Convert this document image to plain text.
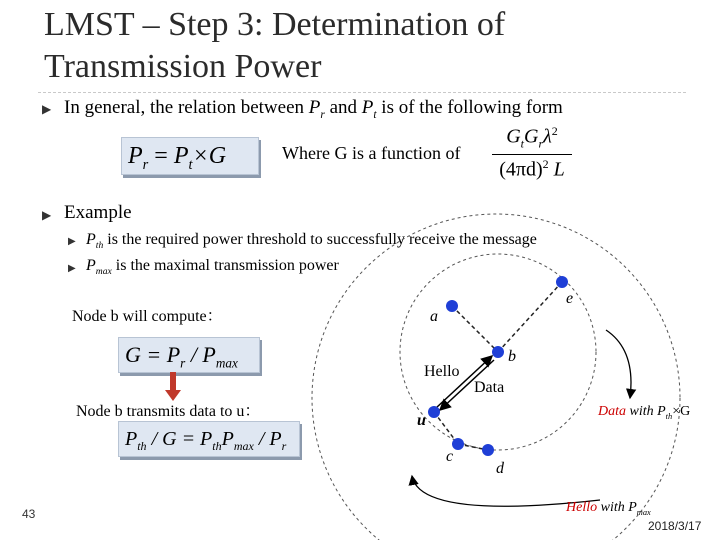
LMST – Step 3: Determination of
Transmission Power
▶ In general, the relation between $P_r$ and $P_t$ is of the following form
$P_r = P_t\times G$	Where G is a function of
$G_tG_r\lambda^2$
$(4\pi d)^2$ L
▶ Example
▶ $P_{th}$ is the required power threshold to successfully receive the message
▶ $P_{max}$ is the maximal transmission power
Node b will compute：
$G = P_r / P_{max}$
Node b transmits data to u：
$P_{th} / G = P_{th}P_{max} / P_r$
a
b
e
u
c
d
Hello
Data
Data with $P_{th}\times G$
Hello with $P_{max}$
43
2018/3/17
